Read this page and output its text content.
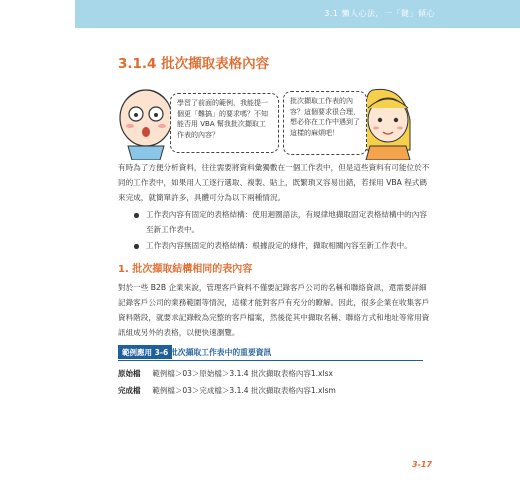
3.1 懶人心法，一「鍵」傾心
3.1.4 批次擷取表格內容
學習了前面的範例，我能提一個更「難搞」的要求嗎？不知能否用 VBA 幫我批次擷取工作表的內容？
批次擷取工作表的內容？這個要求很合理，想必你在工作中遇到了這樣的麻煩吧！
有時為了方便分析資料，往往需要將資料彙獨數在一個工作表中，但是這些資料有可能位於不同的工作表中，如果用人工逐行選取、複製、貼上，既繁瑣又容易出錯，若採用 VBA 程式碼來完成，就簡單許多，具體可分為以下兩種情況。
工作表內容有固定的表格結構：使用迴圈語法，有規律地擷取固定表格結構中的內容至新工作表中。
工作表內容無固定的表格結構：根據設定的條件，擷取相關內容至新工作表中。
1. 批次擷取結構相同的表內容
對於一些 B2B 企業來說，管理客戶資料不僅要記錄客戶公司的名稱和聯絡資訊，還需要詳細記錄客戶公司的業務範圍等情況，這樣才能對客戶有充分的瞭解。因此，很多企業在收集客戶資料階段，就要求記錄較為完整的客戶檔案，然後從其中擷取名稱、聯絡方式和地址等常用資訊組成另外的表格，以便快速瀏覽。
範例應用 3-6 批次擷取工作表中的重要資訊
原始檔 範例檔＞03＞原始檔＞3.1.4 批次擷取表格內容1.xlsx
完成檔 範例檔＞03＞完成檔＞3.1.4 批次擷取表格內容1.xlsm
3-17
